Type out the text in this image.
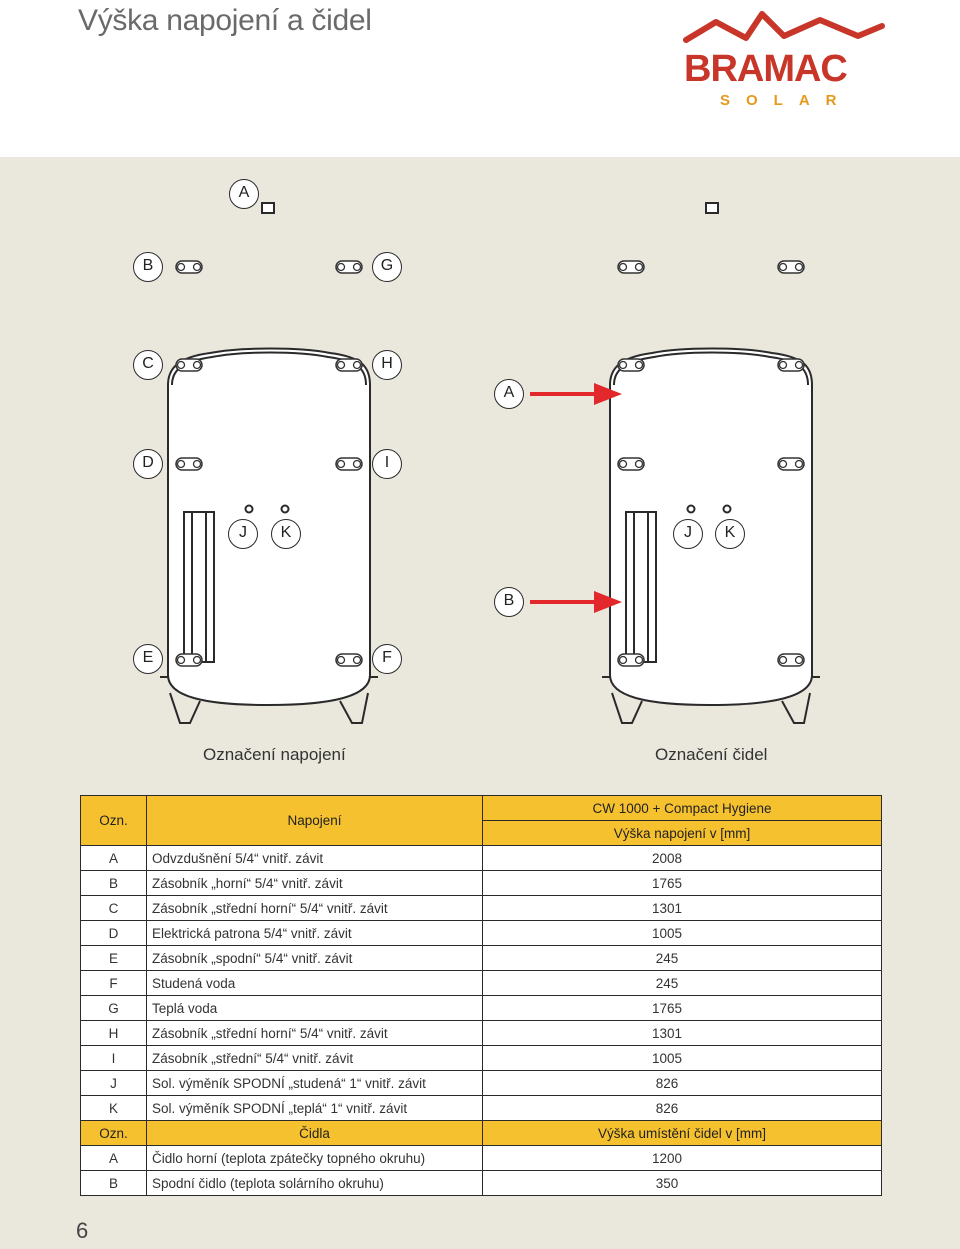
Výška napojení a čidel
BRAMAC
SOLAR
A
B	G
C	H
D	I
J	K
E	F
A
B
J	K
Označení napojení	Označení čidel
Ozn.	Napojení	CW 1000 + Compact Hygiene
		Výška napojení v [mm]
A	Odvzdušnění 5/4“ vnitř. závit	2008
B	Zásobník „horní“ 5/4“ vnitř. závit	1765
C	Zásobník „střední horní“ 5/4“ vnitř. závit	1301
D	Elektrická patrona 5/4“ vnitř. závit	1005
E	Zásobník „spodní“ 5/4“ vnitř. závit	245
F	Studená voda	245
G	Teplá voda	1765
H	Zásobník „střední horní“ 5/4“ vnitř. závit	1301
I	Zásobník „střední“ 5/4“ vnitř. závit	1005
J	Sol. výměník SPODNÍ „studená“ 1“ vnitř. závit	826
K	Sol. výměník SPODNÍ „teplá“ 1“ vnitř. závit	826
Ozn.	Čidla	Výška umístění čidel v [mm]
A	Čidlo horní (teplota zpátečky topného okruhu)	1200
B	Spodní čidlo (teplota solárního okruhu)	350
6
